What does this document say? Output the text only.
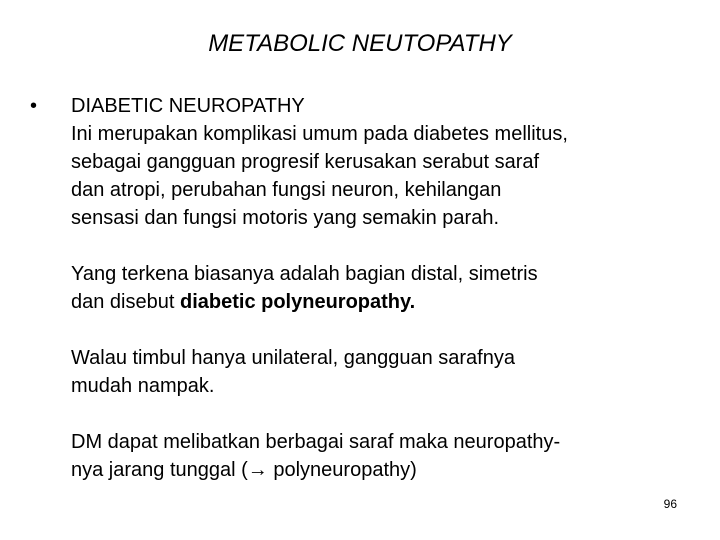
METABOLIC NEUTOPATHY
• DIABETIC NEUROPATHY
Ini merupakan komplikasi umum pada diabetes mellitus,
sebagai gangguan progresif kerusakan serabut saraf
dan atropi, perubahan fungsi neuron, kehilangan
sensasi dan fungsi motoris yang semakin parah.
Yang terkena biasanya adalah bagian distal, simetris
dan disebut diabetic polyneuropathy.
Walau timbul hanya unilateral, gangguan sarafnya
mudah nampak.
DM dapat melibatkan berbagai saraf maka neuropathy-
nya jarang tunggal (→ polyneuropathy)
96
